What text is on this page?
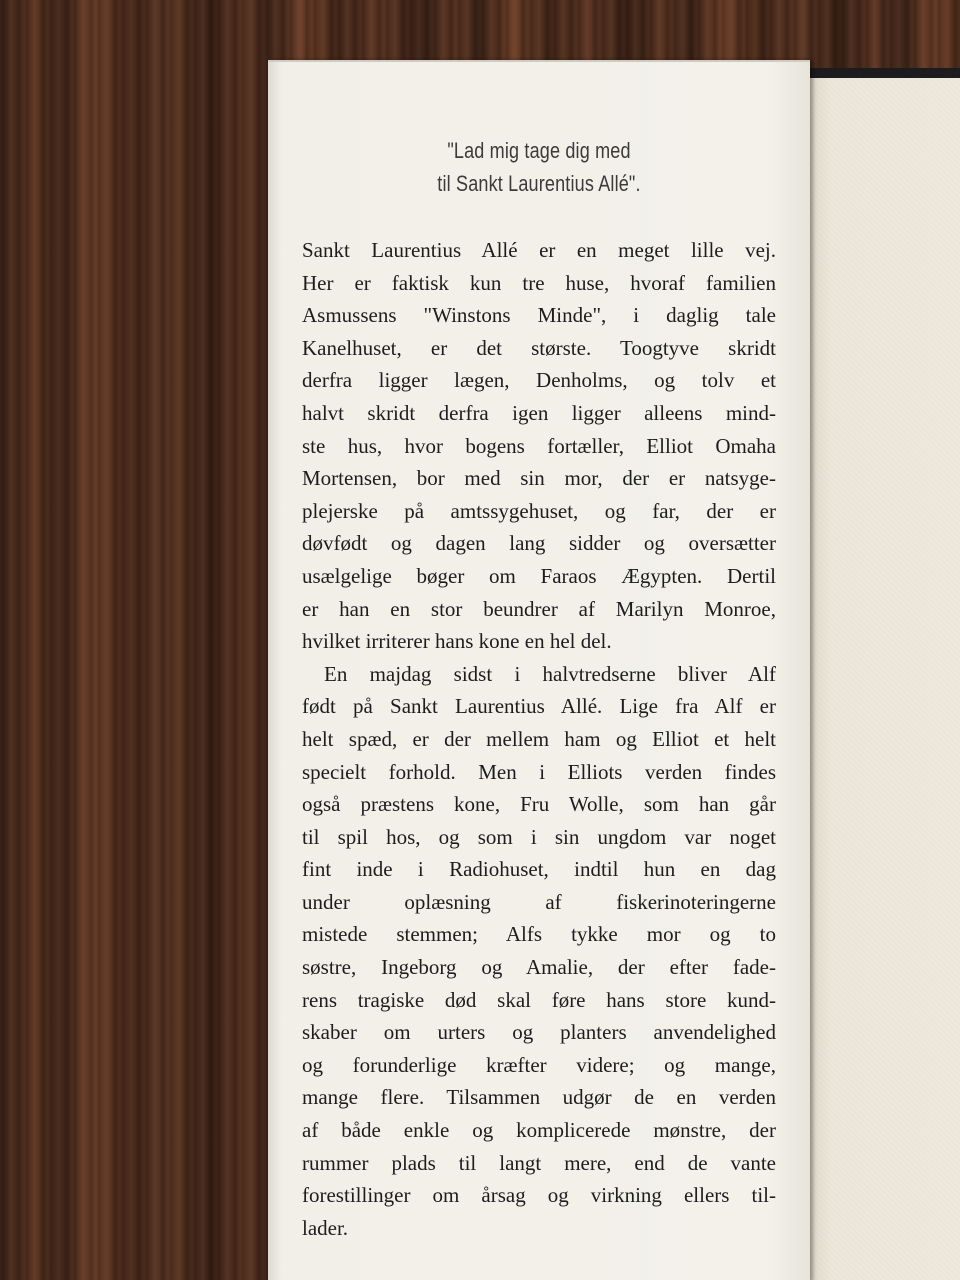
"Lad mig tage dig med
til Sankt Laurentius Allé".
Sankt Laurentius Allé er en meget lille vej.
Her er faktisk kun tre huse, hvoraf familien
Asmussens "Winstons Minde", i daglig tale
Kanelhuset, er det største. Toogtyve skridt
derfra ligger lægen, Denholms, og tolv et
halvt skridt derfra igen ligger alleens mind-
ste hus, hvor bogens fortæller, Elliot Omaha
Mortensen, bor med sin mor, der er natsyge-
plejerske på amtssygehuset, og far, der er
døvfødt og dagen lang sidder og oversætter
usælgelige bøger om Faraos Ægypten. Dertil
er han en stor beundrer af Marilyn Monroe,
hvilket irriterer hans kone en hel del.
En majdag sidst i halvtredserne bliver Alf
født på Sankt Laurentius Allé. Lige fra Alf er
helt spæd, er der mellem ham og Elliot et helt
specielt forhold. Men i Elliots verden findes
også præstens kone, Fru Wolle, som han går
til spil hos, og som i sin ungdom var noget
fint inde i Radiohuset, indtil hun en dag
under oplæsning af fiskerinoteringerne
mistede stemmen; Alfs tykke mor og to
søstre, Ingeborg og Amalie, der efter fade-
rens tragiske død skal føre hans store kund-
skaber om urters og planters anvendelighed
og forunderlige kræfter videre; og mange,
mange flere. Tilsammen udgør de en verden
af både enkle og komplicerede mønstre, der
rummer plads til langt mere, end de vante
forestillinger om årsag og virkning ellers til-
lader.
